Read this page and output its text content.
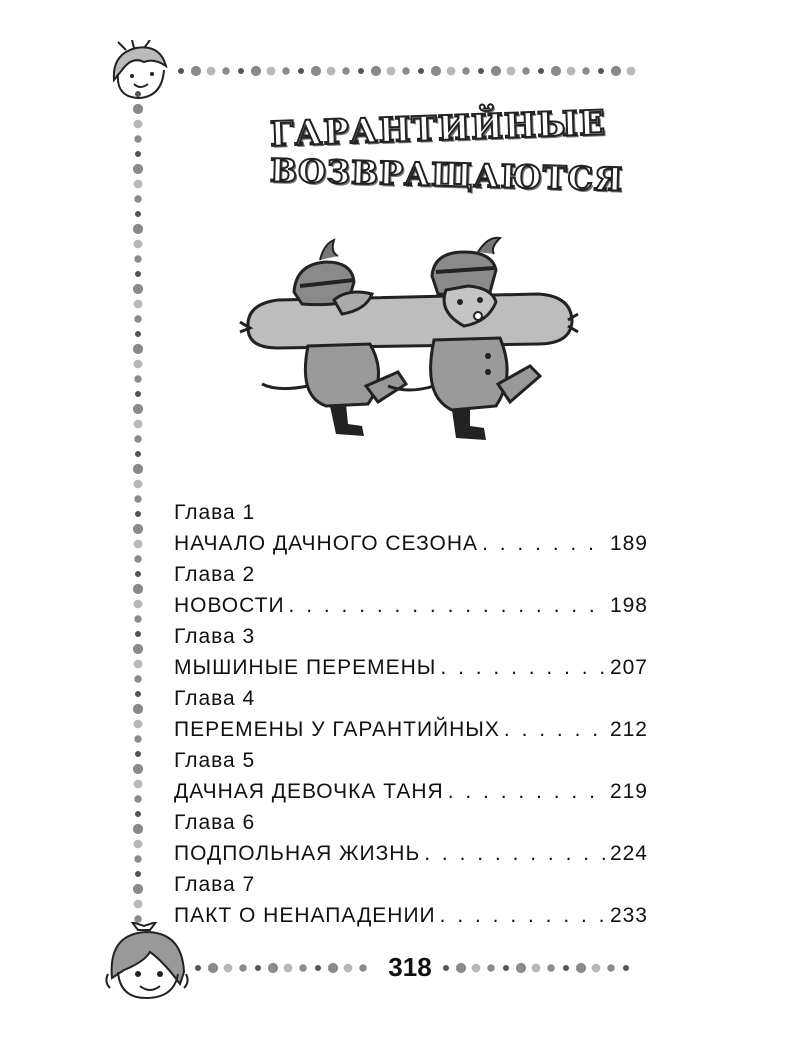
ГАРАНТИЙНЫЕ
ВОЗВРАЩАЮТСЯ
Глава 1
НАЧАЛО ДАЧНОГО СЕЗОНА . . .	189
Глава 2
НОВОСТИ . . .	198
Глава 3
МЫШИНЫЕ ПЕРЕМЕНЫ . . .	207
Глава 4
ПЕРЕМЕНЫ У ГАРАНТИЙНЫХ . . .	212
Глава 5
ДАЧНАЯ ДЕВОЧКА ТАНЯ . . .	219
Глава 6
ПОДПОЛЬНАЯ ЖИЗНЬ . . .	224
Глава 7
ПАКТ О НЕНАПАДЕНИИ . . .	233
318
